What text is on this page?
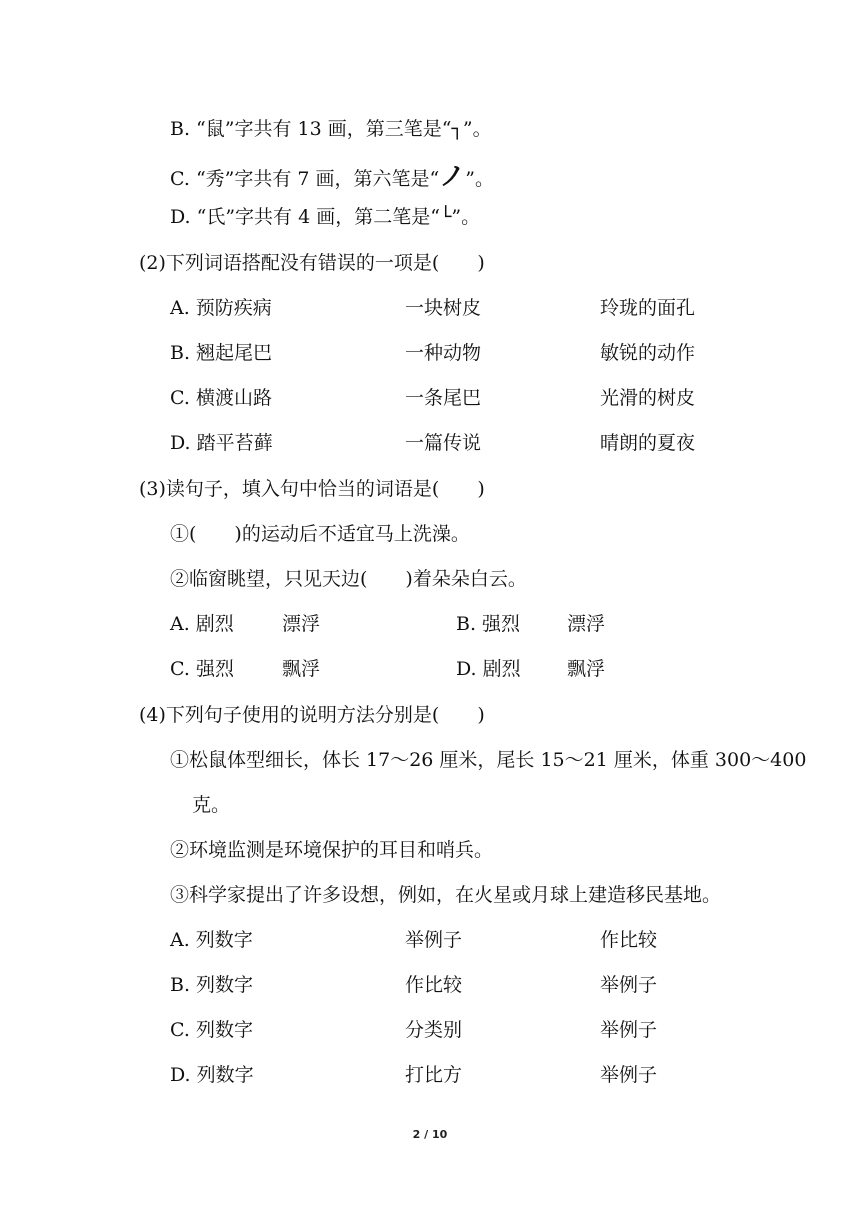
B. “鼠”字共有 13 画，第三笔是“┐”。
C. “秀”字共有 7 画，第六笔是“ノ”。
D. “氏”字共有 4 画，第二笔是“└”。
(2)下列词语搭配没有错误的一项是(　　)
A. 预防疾病	一块树皮	玲珑的面孔
B. 翘起尾巴	一种动物	敏锐的动作
C. 横渡山路	一条尾巴	光滑的树皮
D. 踏平苔藓	一篇传说	晴朗的夏夜
(3)读句子，填入句中恰当的词语是(　　)
①(　　)的运动后不适宜马上洗澡。
②临窗眺望，只见天边(　　)着朵朵白云。
A. 剧烈	漂浮	B. 强烈 漂浮
C. 强烈	飘浮	D. 剧烈 飘浮
(4)下列句子使用的说明方法分别是(　　)
①松鼠体型细长，体长 17～26 厘米，尾长 15～21 厘米，体重 300～400
克。
②环境监测是环境保护的耳目和哨兵。
③科学家提出了许多设想，例如，在火星或月球上建造移民基地。
A. 列数字	举例子	作比较
B. 列数字	作比较	举例子
C. 列数字	分类别	举例子
D. 列数字	打比方	举例子
2 / 10
